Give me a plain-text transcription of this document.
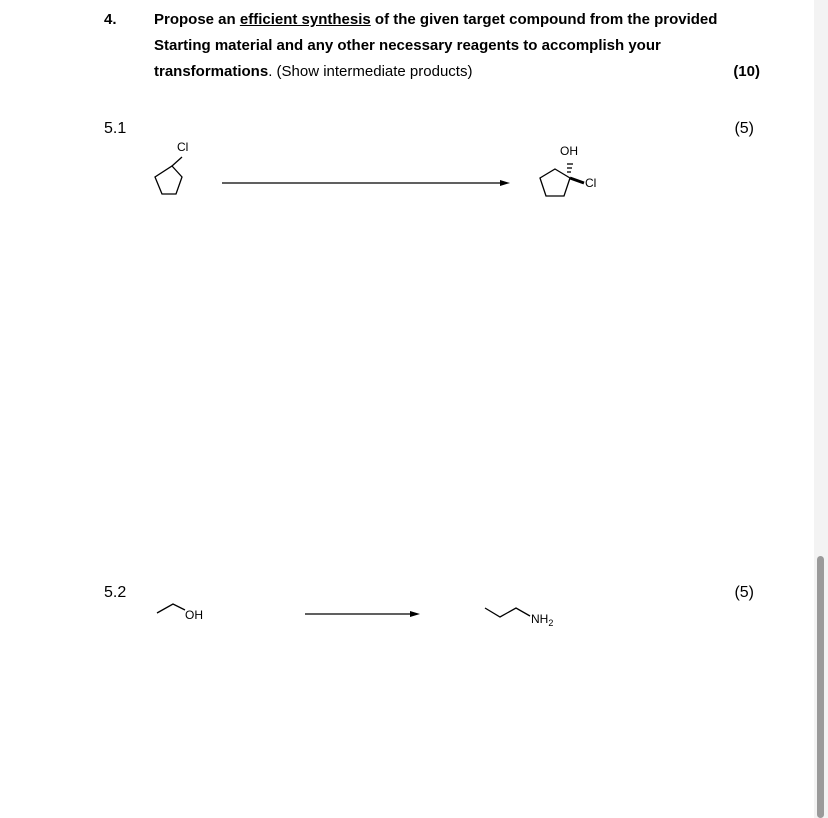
4. Propose an efficient synthesis of the given target compound from the provided
Starting material and any other necessary reagents to accomplish your
transformations. (Show intermediate products)	(10)
5.1	(5)
5.2	(5)
Cl	OH
Cl
OH	$NH_2$
